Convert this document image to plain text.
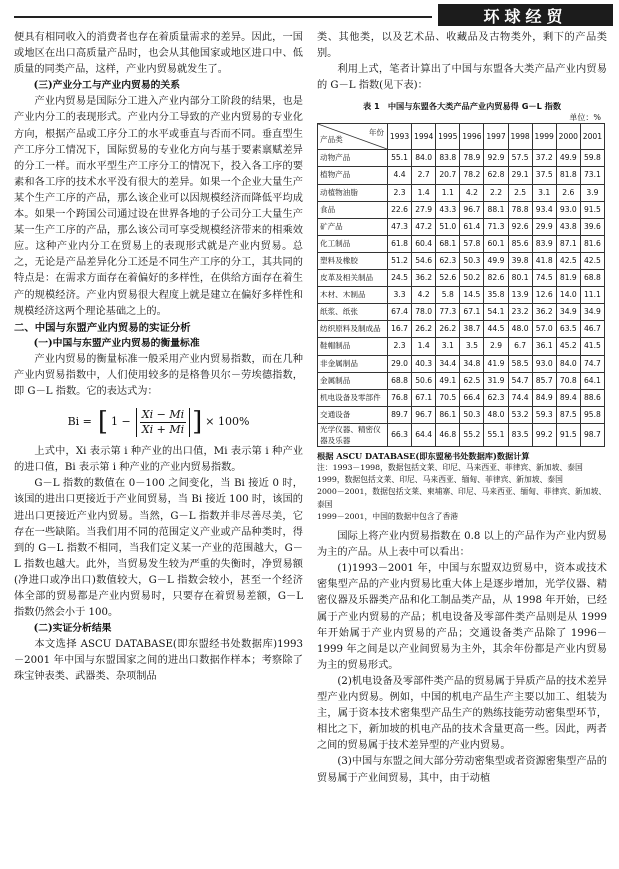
环球经贸

便具有相同收入的消费者也存在着质量需求的差异。因此，一国或地区在出口高质量产品时，也会从其他国家或地区进口中、低质量的同类产品，这样，产业内贸易就发生了。

(三)产业分工与产业内贸易的关系

产业内贸易是国际分工进入产业内部分工阶段的结果，也是产业内分工的表现形式。产业内分工导致的产业内贸易的专业化方向，根据产品或工序分工的水平或垂直与否而不同。垂直型生产工序分工情况下，国际贸易的专业化方向与基于要素禀赋差异的分工一样。而水平型生产工序分工的情况下，投入各工序的要素和各工序的技术水平没有很大的差异。如果一个企业大量生产某个生产工序的产品，那么该企业可以因规模经济而降低平均成本。如果一个跨国公司通过设在世界各地的子公司分工大量生产某一生产工序的产品，那么该公司可享受规模经济带来的相乘效应。这种产业内分工在贸易上的表现形式就是产业内贸易。总之，无论是产品差异化分工还是不同生产工序的分工，其共同的特点是：在需求方面存在着偏好的多样性，在供给方面存在着生产的规模经济。产业内贸易很大程度上就是建立在偏好多样性和规模经济这两个理论基础之上的。

二、中国与东盟产业内贸易的实证分析
(一)中国与东盟产业内贸易的衡量标准

产业内贸易的衡量标准一般采用产业内贸易指数，而在几种产业内贸易指数中，人们使用较多的是格鲁贝尔－劳埃德指数，即 G－L 指数。它的表达式为：

Bi = [ $1 - \frac{Xi - Mi}{Xi + Mi}$ ] × 100%

上式中，Xi 表示第 i 种产业的出口值，Mi 表示第 i 种产业的进口值，Bi 表示第 i 种产业的产业内贸易指数。

G－L 指数的数值在 0－100 之间变化，当 Bi 接近 0 时，该国的进出口更接近于产业间贸易，当 Bi 接近 100 时，该国的进出口更接近产业内贸易。当然，G－L 指数并非尽善尽美，它存在一些缺陷。当我们用不同的范围定义产业或产品种类时，得到的 G－L 指数不相同，当我们定义某一产业的范围越大，G－L 指数也越大。此外，当贸易发生较为严重的失衡时，净贸易额(净进口或净出口)数值较大，G－L 指数会较小，甚至一个经济体全部的贸易都是产业内贸易时，只要存在着贸易差额，G－L 指数仍然会小于 100。

(二)实证分析结果

本文选择 ASCU DATABASE(即东盟经书处数据库)1993－2001 年中国与东盟国家之间的进出口数据作样本；考察除了珠宝钟表类、武器类、杂项制品

类、其他类，以及艺术品、收藏品及古物类外，剩下的产品类别。

利用上式，笔者计算出了中国与东盟各大类产品产业内贸易的 G－L 指数(见下表)：

表 1　中国与东盟各大类产品产业内贸易得 G－L 指数
单位：%
年份
产品类	1993	1994	1995	1996	1997	1998	1999	2000	2001
动物产品	55.1	84.0	83.8	78.9	92.9	57.5	37.2	49.9	59.8
植物产品	4.4	2.7	20.7	78.2	62.8	29.1	37.5	81.8	73.1
动植物油脂	2.3	1.4	1.1	4.2	2.2	2.5	3.1	2.6	3.9
食品	22.6	27.9	43.3	96.7	88.1	78.8	93.4	93.0	91.5
矿产品	47.3	47.2	51.0	61.4	71.3	92.6	29.9	43.8	39.6
化工制品	61.8	60.4	68.1	57.8	60.1	85.6	83.9	87.1	81.6
塑料及橡胶	51.2	54.6	62.3	50.3	49.9	39.8	41.8	42.5	42.5
皮革及相关制品	24.5	36.2	52.6	50.2	82.6	80.1	74.5	81.9	68.8
木材、木制品	3.3	4.2	5.8	14.5	35.8	13.9	12.6	14.0	11.1
纸浆、纸张	67.4	78.0	77.3	67.1	54.1	23.2	36.2	34.9	34.9
纺织原料及制成品	16.7	26.2	26.2	38.7	44.5	48.0	57.0	63.5	46.7
鞋帽制品	2.3	1.4	3.1	3.5	2.9	6.7	36.1	45.2	41.5
非金属制品	29.0	40.3	34.4	34.8	41.9	58.5	93.0	84.0	74.7
金属制品	68.8	50.6	49.1	62.5	31.9	54.7	85.7	70.8	64.1
机电设备及零部件	76.8	67.1	70.5	66.4	62.3	74.4	84.9	89.4	88.6
交通设备	89.7	96.7	86.1	50.3	48.0	53.2	59.3	87.5	95.8
光学仪器、精密仪器及乐器	66.3	64.4	46.8	55.2	55.1	83.5	99.2	91.5	98.7
根据 ASCU DATABASE(即东盟秘书处数据库)数据计算
注：1993－1998，数据包括文莱、印尼、马来西亚、菲律宾、新加坡、泰国
1999，数据包括文莱、印尼、马来西亚、缅甸、菲律宾、新加坡、泰国
2000－2001，数据包括文莱、柬埔寨、印尼、马来西亚、缅甸、菲律宾、新加坡、泰国
1999－2001，中国的数据中包含了香港

国际上将产业内贸易指数在 0.8 以上的产品作为产业内贸易为主的产品。从上表中可以看出：

(1)1993－2001 年，中国与东盟双边贸易中，资本或技术密集型产品的产业内贸易比重大体上是逐步增加，光学仪器、精密仪器及乐器类产品和化工制品类产品，从 1998 年开始，已经属于产业内贸易的产品；机电设备及零部件类产品则是从 1999 年开始属于产业内贸易的产品；交通设备类产品除了 1996－1999 年之间是以产业间贸易为主外，其余年份都是产业内贸易为主的贸易形式。

(2)机电设备及零部件类产品的贸易属于异质产品的技术差异型产业内贸易。例如，中国的机电产品生产主要以加工、组装为主，属于资本技术密集型产品生产的熟练技能劳动密集型环节，相比之下，新加坡的机电产品的技术含量更高一些。因此，两者之间的贸易属于技术差异型的产业内贸易。

(3)中国与东盟之间大部分劳动密集型或者资源密集型产品的贸易属于产业间贸易，其中，由于动植
